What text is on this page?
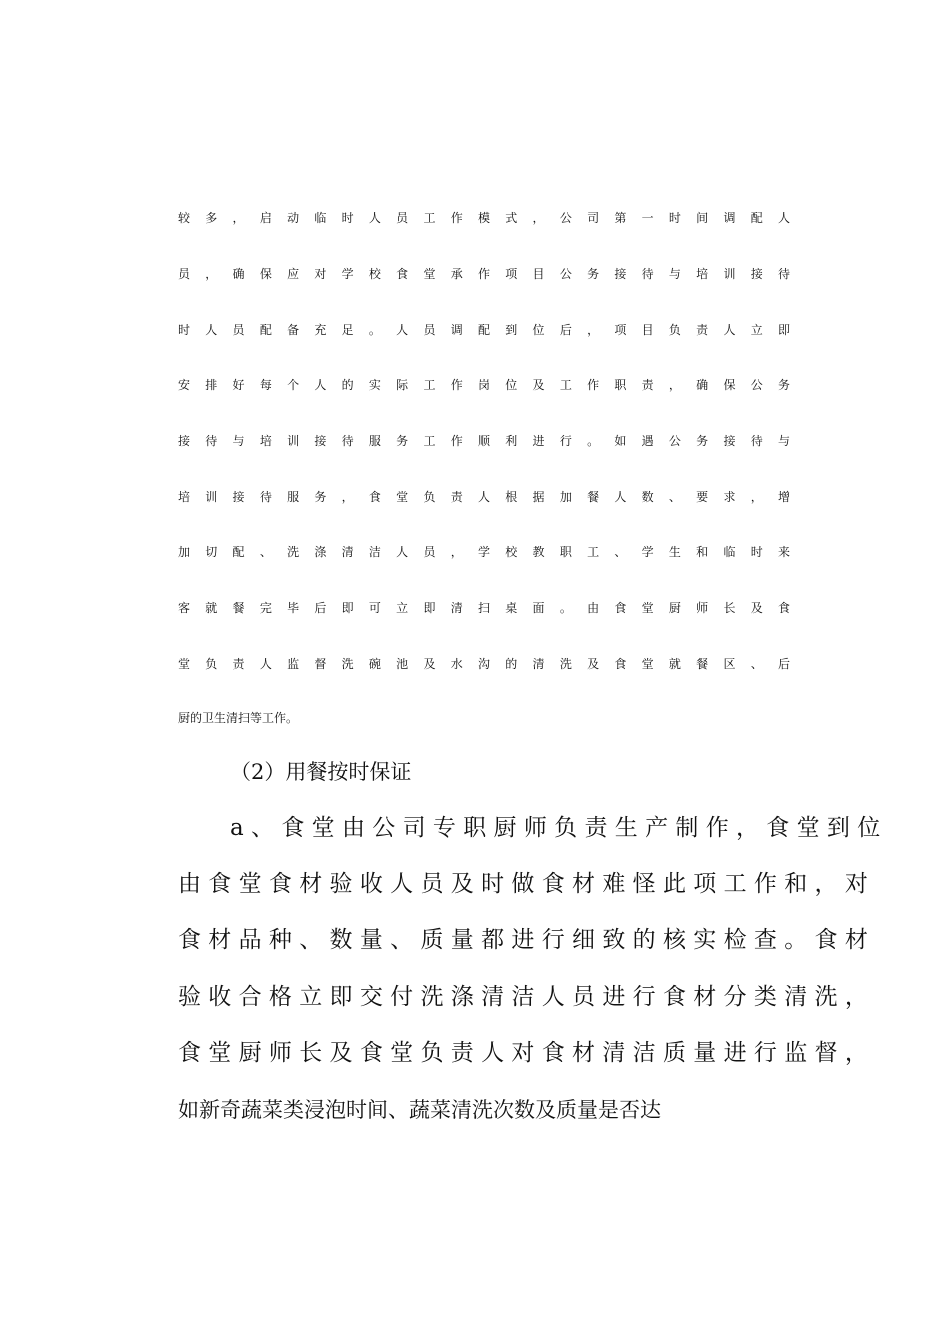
较 多 ， 启 动 临 时 人 员 工 作 模 式 ， 公 司 第 一 时 间 调 配 人
员 ， 确 保 应 对 学 校 食 堂 承 作 项 目 公 务 接 待 与 培 训 接 待
时 人 员 配 备 充 足 。 人 员 调 配 到 位 后 ， 项 目 负 责 人 立 即
安 排 好 每 个 人 的 实 际 工 作 岗 位 及 工 作 职 责 ， 确 保 公 务
接 待 与 培 训 接 待 服 务 工 作 顺 利 进 行 。 如 遇 公 务 接 待 与
培 训 接 待 服 务 ， 食 堂 负 责 人 根 据 加 餐 人 数 、 要 求 ， 增
加 切 配 、 洗 涤 清 洁 人 员 ， 学 校 教 职 工 、 学 生 和 临 时 来
客 就 餐 完 毕 后 即 可 立 即 清 扫 桌 面 。 由 食 堂 厨 师 长 及 食
堂 负 责 人 监 督 洗 碗 池 及 水 沟 的 清 洗 及 食 堂 就 餐 区 、 后
厨的卫生清扫等工作。
（2）用餐按时保证
a 、 食 堂 由 公 司 专 职 厨 师 负 责 生 产 制 作 ， 食 堂 到 位
由 食 堂 食 材 验 收 人 员 及 时 做 食 材 难 怪 此 项 工 作 和 ， 对
食 材 品 种 、 数 量 、 质 量 都 进 行 细 致 的 核 实 检 查 。 食 材
验 收 合 格 立 即 交 付 洗 涤 清 洁 人 员 进 行 食 材 分 类 清 洗 ，
食 堂 厨 师 长 及 食 堂 负 责 人 对 食 材 清 洁 质 量 进 行 监 督 ，
如新奇蔬菜类浸泡时间、蔬菜清洗次数及质量是否达
